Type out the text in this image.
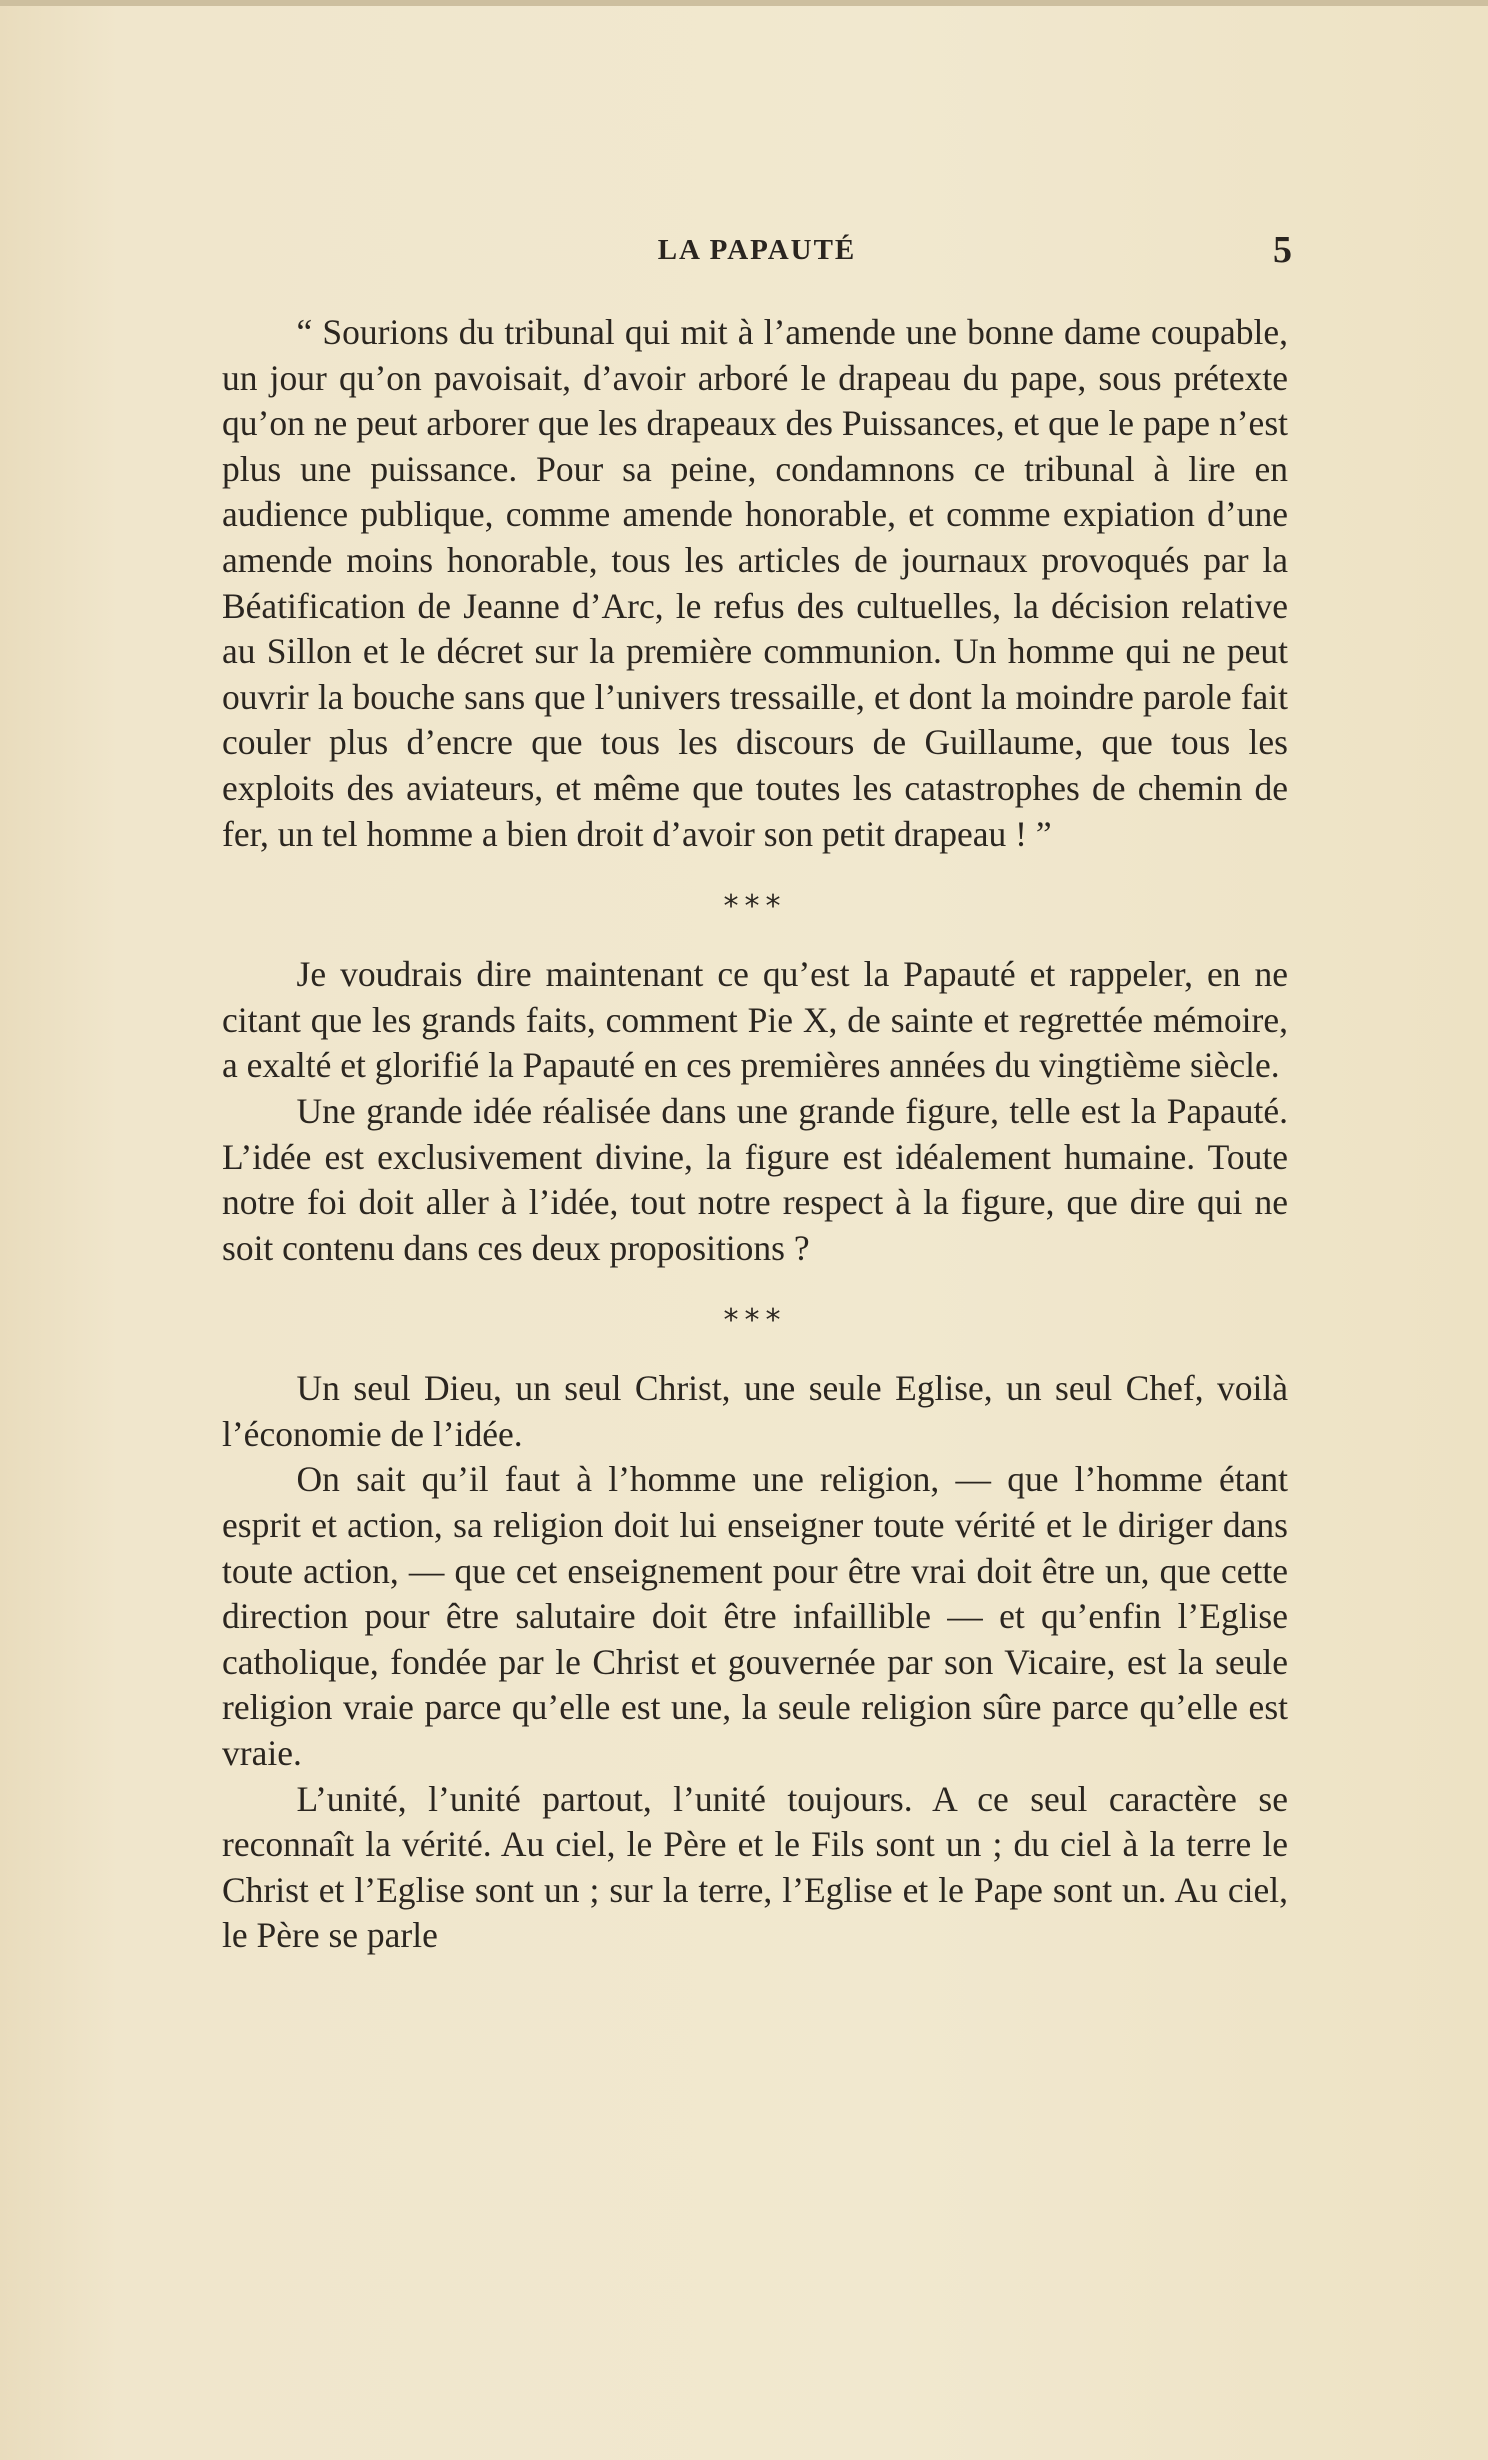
LA PAPAUTÉ	5

“ Sourions du tribunal qui mit à l’amende une bonne dame coupable, un jour qu’on pavoisait, d’avoir arboré le drapeau du pape, sous prétexte qu’on ne peut arborer que les drapeaux des Puissances, et que le pape n’est plus une puissance. Pour sa peine, condamnons ce tribunal à lire en audience publique, comme amende honorable, et comme expiation d’une amende moins honorable, tous les articles de journaux provoqués par la Béatification de Jeanne d’Arc, le refus des cultuelles, la décision relative au Sillon et le décret sur la première communion. Un homme qui ne peut ouvrir la bouche sans que l’univers tressaille, et dont la moindre parole fait couler plus d’encre que tous les discours de Guillaume, que tous les exploits des aviateurs, et même que toutes les catastrophes de chemin de fer, un tel homme a bien droit d’avoir son petit drapeau ! ”

***

Je voudrais dire maintenant ce qu’est la Papauté et rappeler, en ne citant que les grands faits, comment Pie X, de sainte et regrettée mémoire, a exalté et glorifié la Papauté en ces premières années du vingtième siècle.

Une grande idée réalisée dans une grande figure, telle est la Papauté. L’idée est exclusivement divine, la figure est idéalement humaine. Toute notre foi doit aller à l’idée, tout notre respect à la figure, que dire qui ne soit contenu dans ces deux propositions ?

***

Un seul Dieu, un seul Christ, une seule Eglise, un seul Chef, voilà l’économie de l’idée.

On sait qu’il faut à l’homme une religion, — que l’homme étant esprit et action, sa religion doit lui enseigner toute vérité et le diriger dans toute action, — que cet enseignement pour être vrai doit être un, que cette direction pour être salutaire doit être infaillible — et qu’enfin l’Eglise catholique, fondée par le Christ et gouvernée par son Vicaire, est la seule religion vraie parce qu’elle est une, la seule religion sûre parce qu’elle est vraie.

L’unité, l’unité partout, l’unité toujours. A ce seul caractère se reconnaît la vérité. Au ciel, le Père et le Fils sont un ; du ciel à la terre le Christ et l’Eglise sont un ; sur la terre, l’Eglise et le Pape sont un. Au ciel, le Père se parle
